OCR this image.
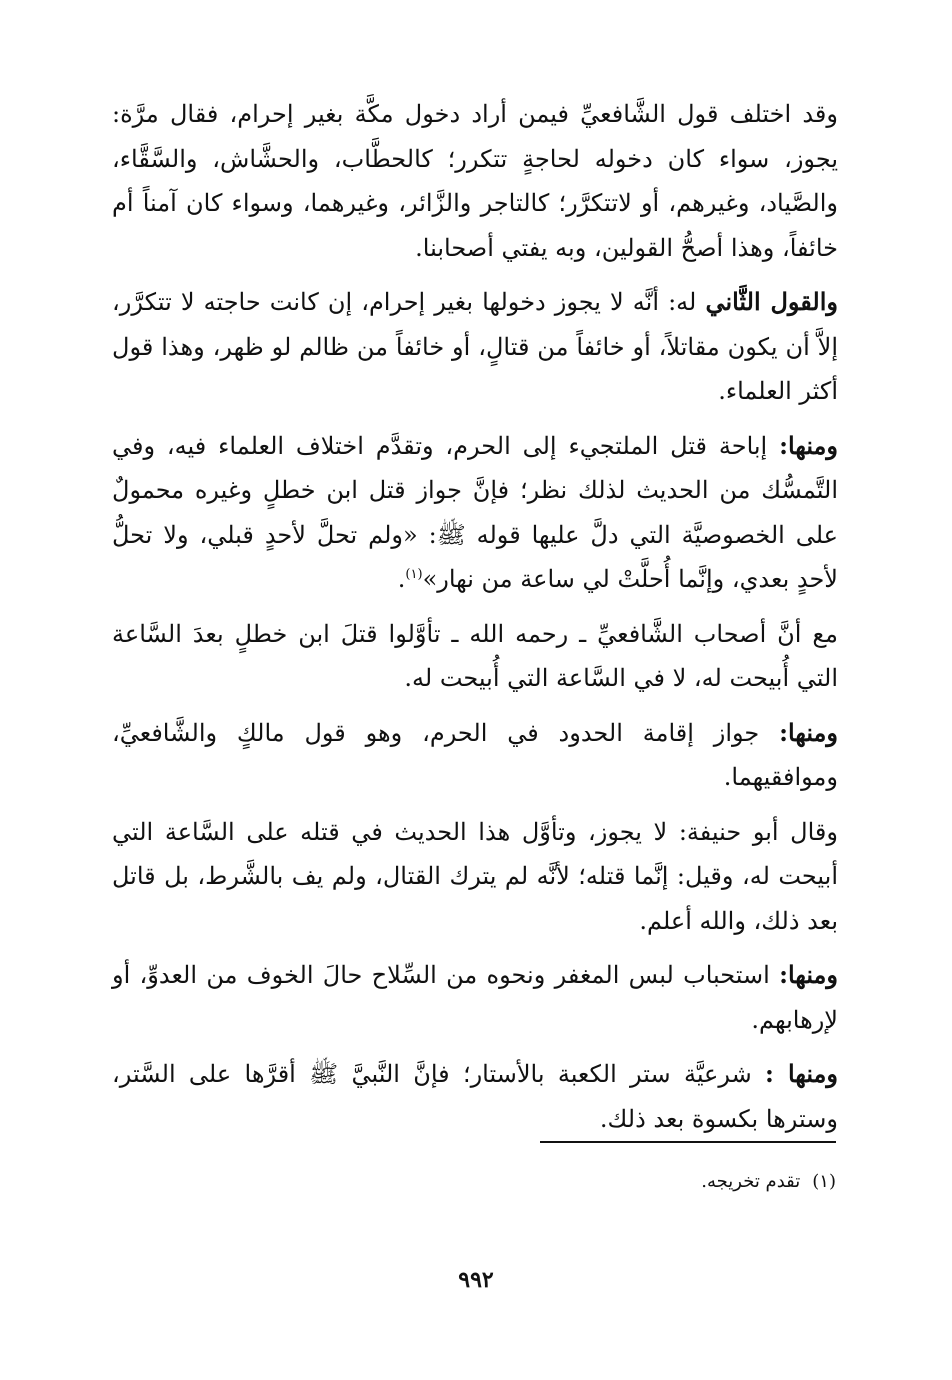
وقد اختلف قول الشَّافعيِّ فيمن أراد دخول مكَّة بغير إحرام، فقال مرَّة: يجوز، سواء كان دخوله لحاجةٍ تتكرر؛ كالحطَّاب، والحشَّاش، والسَّقَّاء، والصَّياد، وغيرهم، أو لاتتكرَّر؛ كالتاجر والزَّائر، وغيرهما، وسواء كان آمناً أم خائفاً، وهذا أصحُّ القولين، وبه يفتي أصحابنا.

والقول الثَّاني له: أنَّه لا يجوز دخولها بغير إحرام، إن كانت حاجته لا تتكرَّر، إلاَّ أن يكون مقاتلاً، أو خائفاً من قتالٍ، أو خائفاً من ظالم لو ظهر، وهذا قول أكثر العلماء.

ومنها: إباحة قتل الملتجيء إلى الحرم، وتقدَّم اختلاف العلماء فيه، وفي التَّمسُّك من الحديث لذلك نظر؛ فإنَّ جواز قتل ابن خطلٍ وغيره محمولٌ على الخصوصيَّة التي دلَّ عليها قوله ﷺ: «ولم تحلَّ لأحدٍ قبلي، ولا تحلُّ لأحدٍ بعدي، وإنَّما أُحلَّتْ لي ساعة من نهار»$^{(١)}$.

مع أنَّ أصحاب الشَّافعيِّ ـ رحمه الله ـ تأوَّلوا قتلَ ابن خطلٍ بعدَ السَّاعة التي أُبيحت له، لا في السَّاعة التي أُبيحت له.

ومنها: جواز إقامة الحدود في الحرم، وهو قول مالكٍ والشَّافعيِّ، وموافقيهما.

وقال أبو حنيفة: لا يجوز، وتأوَّل هذا الحديث في قتله على السَّاعة التي أبيحت له، وقيل: إنَّما قتله؛ لأنَّه لم يترك القتال، ولم يف بالشَّرط، بل قاتل بعد ذلك، والله أعلم.

ومنها: استحباب لبس المغفر ونحوه من السِّلاح حالَ الخوف من العدوِّ، أو لإرهابهم.

ومنها : شرعيَّة ستر الكعبة بالأستار؛ فإنَّ النَّبيَّ ﷺ أقرَّها على السَّتر، وسترها بكسوة بعد ذلك.

(١)تقدم تخريجه.
٩٩٢
